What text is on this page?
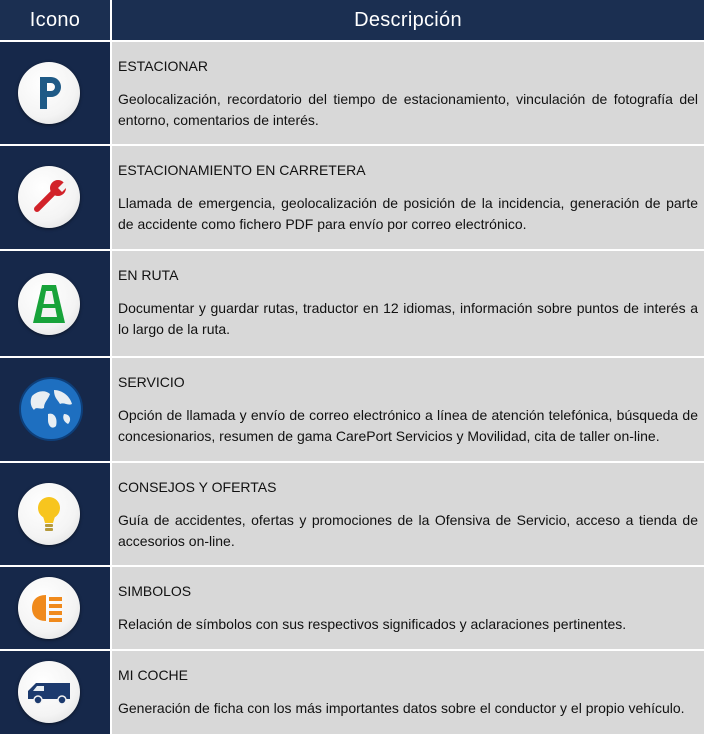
Icono	Descripción
ESTACIONAR
Geolocalización, recordatorio del tiempo de estacionamiento, vinculación de fotografía del entorno, comentarios de interés.
ESTACIONAMIENTO EN CARRETERA
Llamada de emergencia, geolocalización de posición de la incidencia, generación de parte de accidente como fichero PDF para envío por correo electrónico.
EN RUTA
Documentar y guardar rutas, traductor en 12 idiomas, información sobre puntos de interés a lo largo de la ruta.
SERVICIO
Opción de llamada y envío de correo electrónico a línea de atención telefónica, búsqueda de concesionarios, resumen de gama CarePort Servicios y Movilidad, cita de taller on-line.
CONSEJOS Y OFERTAS
Guía de accidentes, ofertas y promociones de la Ofensiva de Servicio, acceso a tienda de accesorios on-line.
SIMBOLOS
Relación de símbolos con sus respectivos significados y aclaraciones pertinentes.
MI COCHE
Generación de ficha con los más importantes datos sobre el conductor y el propio vehículo.
